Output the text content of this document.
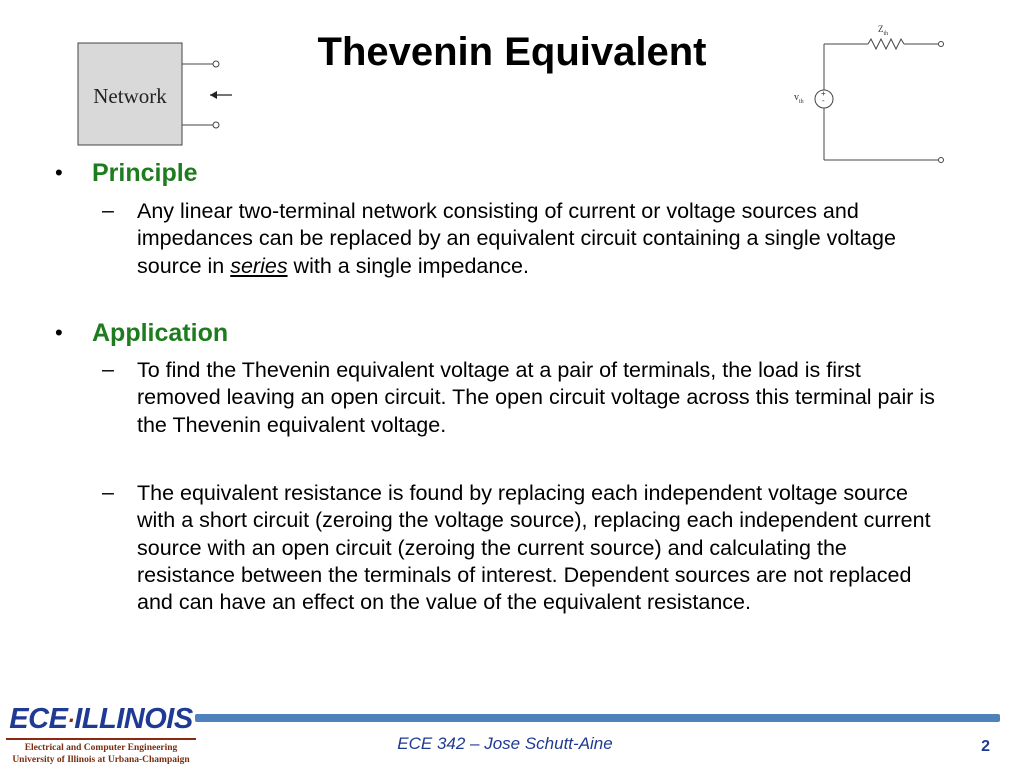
Network
Thevenin Equivalent
$Z_{th}$
$v_{th}$
+
-
• Principle
– Any linear two-terminal network consisting of current or voltage sources and impedances can be replaced by an equivalent circuit containing a single voltage source in series with a single impedance.
• Application
– To find the Thevenin equivalent voltage at a pair of terminals, the load is first removed leaving an open circuit. The open circuit voltage across this terminal pair is the Thevenin equivalent voltage.
– The equivalent resistance is found by replacing each independent voltage source with a short circuit (zeroing the voltage source), replacing each independent current source with an open circuit (zeroing the current source) and calculating the resistance between the terminals of interest. Dependent sources are not replaced and can have an effect on the value of the equivalent resistance.
ECE·ILLINOIS
Electrical and Computer Engineering
University of Illinois at Urbana-Champaign
ECE 342 – Jose Schutt-Aine	2
